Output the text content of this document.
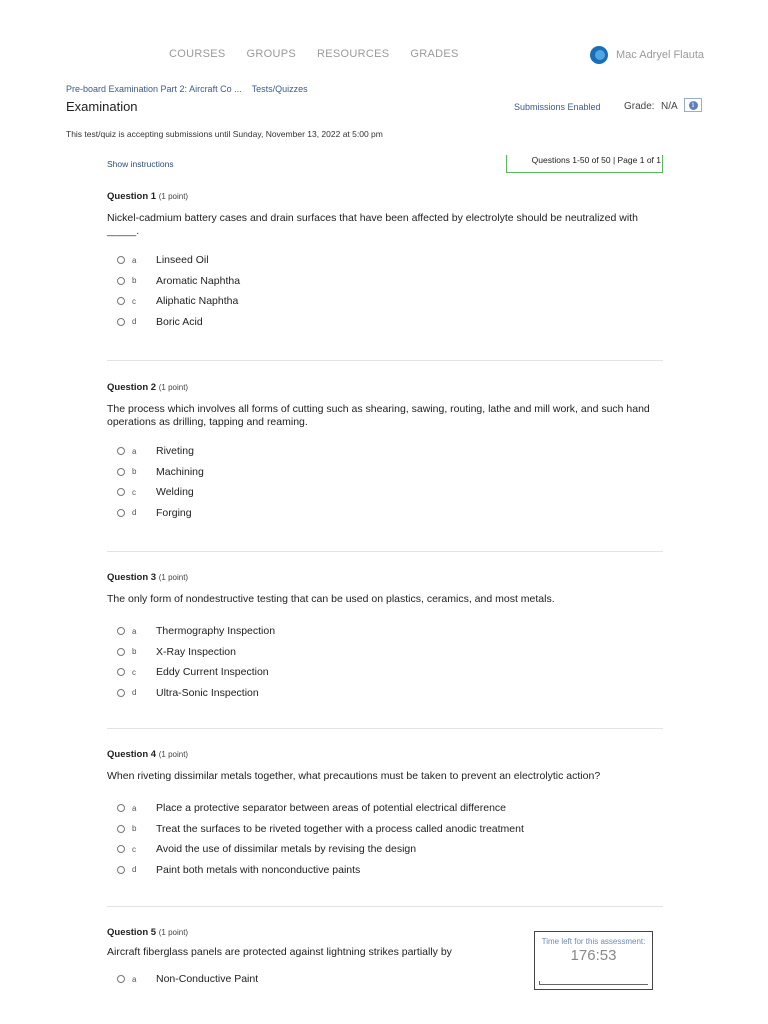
COURSES GROUPS RESOURCES GRADES	Mac Adryel Flauta
Pre-board Examination Part 2: Aircraft Co ... Tests/Quizzes
Examination	Submissions Enabled Grade: N/A	i
This test/quiz is accepting submissions until Sunday, November 13, 2022 at 5:00 pm
Show instructions	Questions 1-50 of 50 | Page 1 of 1
Question 1 (1 point)
Nickel-cadmium battery cases and drain surfaces that have been affected by electrolyte should be neutralized with _____.
a	Linseed Oil
b	Aromatic Naphtha
c	Aliphatic Naphtha
d	Boric Acid
Question 2 (1 point)
The process which involves all forms of cutting such as shearing, sawing, routing, lathe and mill work, and such hand operations as drilling, tapping and reaming.
a	Riveting
b	Machining
c	Welding
d	Forging
Question 3 (1 point)
The only form of nondestructive testing that can be used on plastics, ceramics, and most metals.
a	Thermography Inspection
b	X-Ray Inspection
c	Eddy Current Inspection
d	Ultra-Sonic Inspection
Question 4 (1 point)
When riveting dissimilar metals together, what precautions must be taken to prevent an electrolytic action?
a	Place a protective separator between areas of potential electrical difference
b	Treat the surfaces to be riveted together with a process called anodic treatment
c	Avoid the use of dissimilar metals by revising the design
d	Paint both metals with nonconductive paints
Question 5 (1 point)
Aircraft fiberglass panels are protected against lightning strikes partially by
a	Non-Conductive Paint
Time left for this assessment:
176:53
